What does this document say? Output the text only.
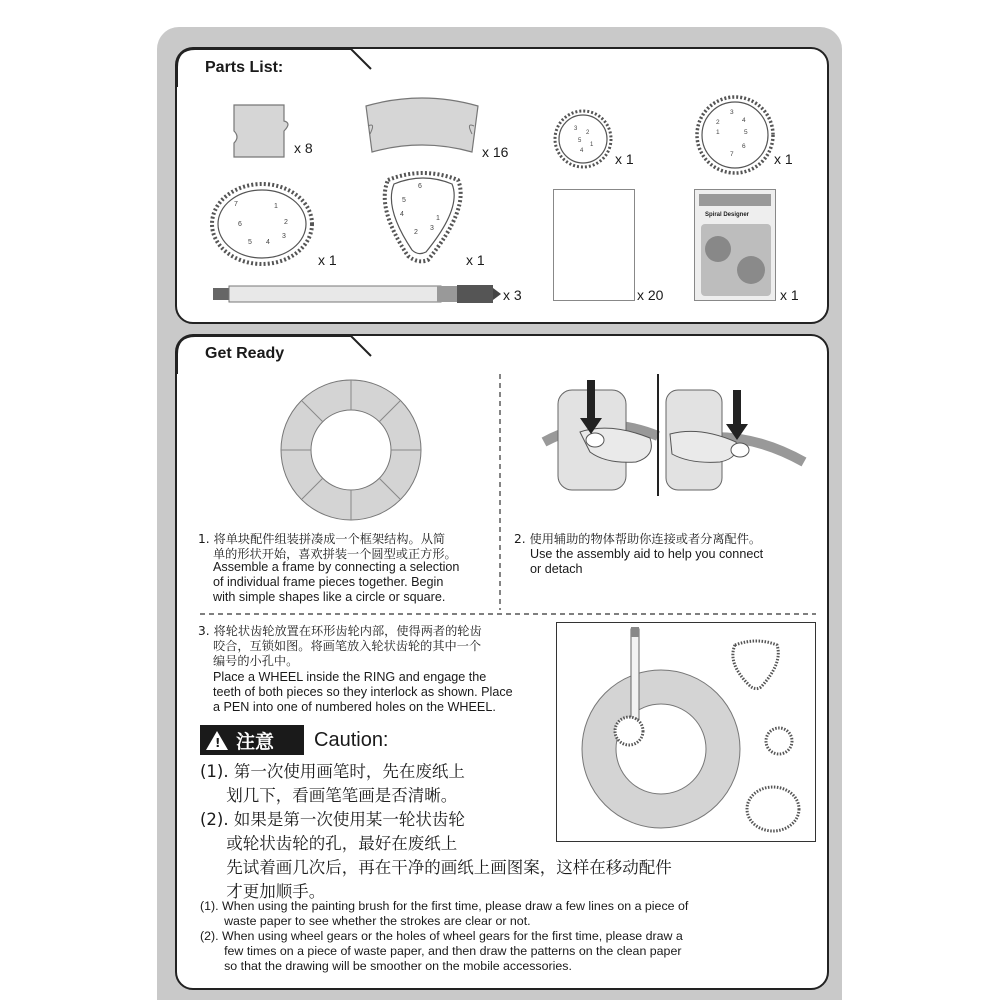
Parts List:
x 8	x 16
3
2
5
1
4 x 1
3
2	4
1	5
6
7	x 1
7	1
6	2
3
5 4
x 1
6
5
4
1
3
2
x 1
x 20
Spiral Designer
x 1
x 3
Get Ready

1. 将单块配件组装拼凑成一个框架结构。从简

单的形状开始，喜欢拼装一个圆型或正方形。

Assemble a frame by connecting a selection

of individual frame pieces together. Begin

with simple shapes like a circle or square.

2. 使用辅助的物体帮助你连接或者分离配件。

Use the assembly aid to help you connect

or detach

3. 将轮状齿轮放置在环形齿轮内部，使得两者的轮齿

咬合，互锁如图。将画笔放入轮状齿轮的其中一个

编号的小孔中。

Place a WHEEL inside the RING and engage the

teeth of both pieces so they interlock as shown. Place

a PEN into one of numbered holes on the WHEEL.

! 注意 Caution:

(1). 第一次使用画笔时，先在废纸上

划几下，看画笔笔画是否清晰。

(2). 如果是第一次使用某一轮状齿轮

或轮状齿轮的孔，最好在废纸上

先试着画几次后，再在干净的画纸上画图案，这样在移动配件

才更加顺手。

(1). When using the painting brush for the first time, please draw a few lines on a piece of

waste paper to see whether the strokes are clear or not.

(2). When using wheel gears or the holes of wheel gears for the first time, please draw a

few times on a piece of waste paper, and then draw the patterns on the clean paper

so that the drawing will be smoother on the mobile accessories.
